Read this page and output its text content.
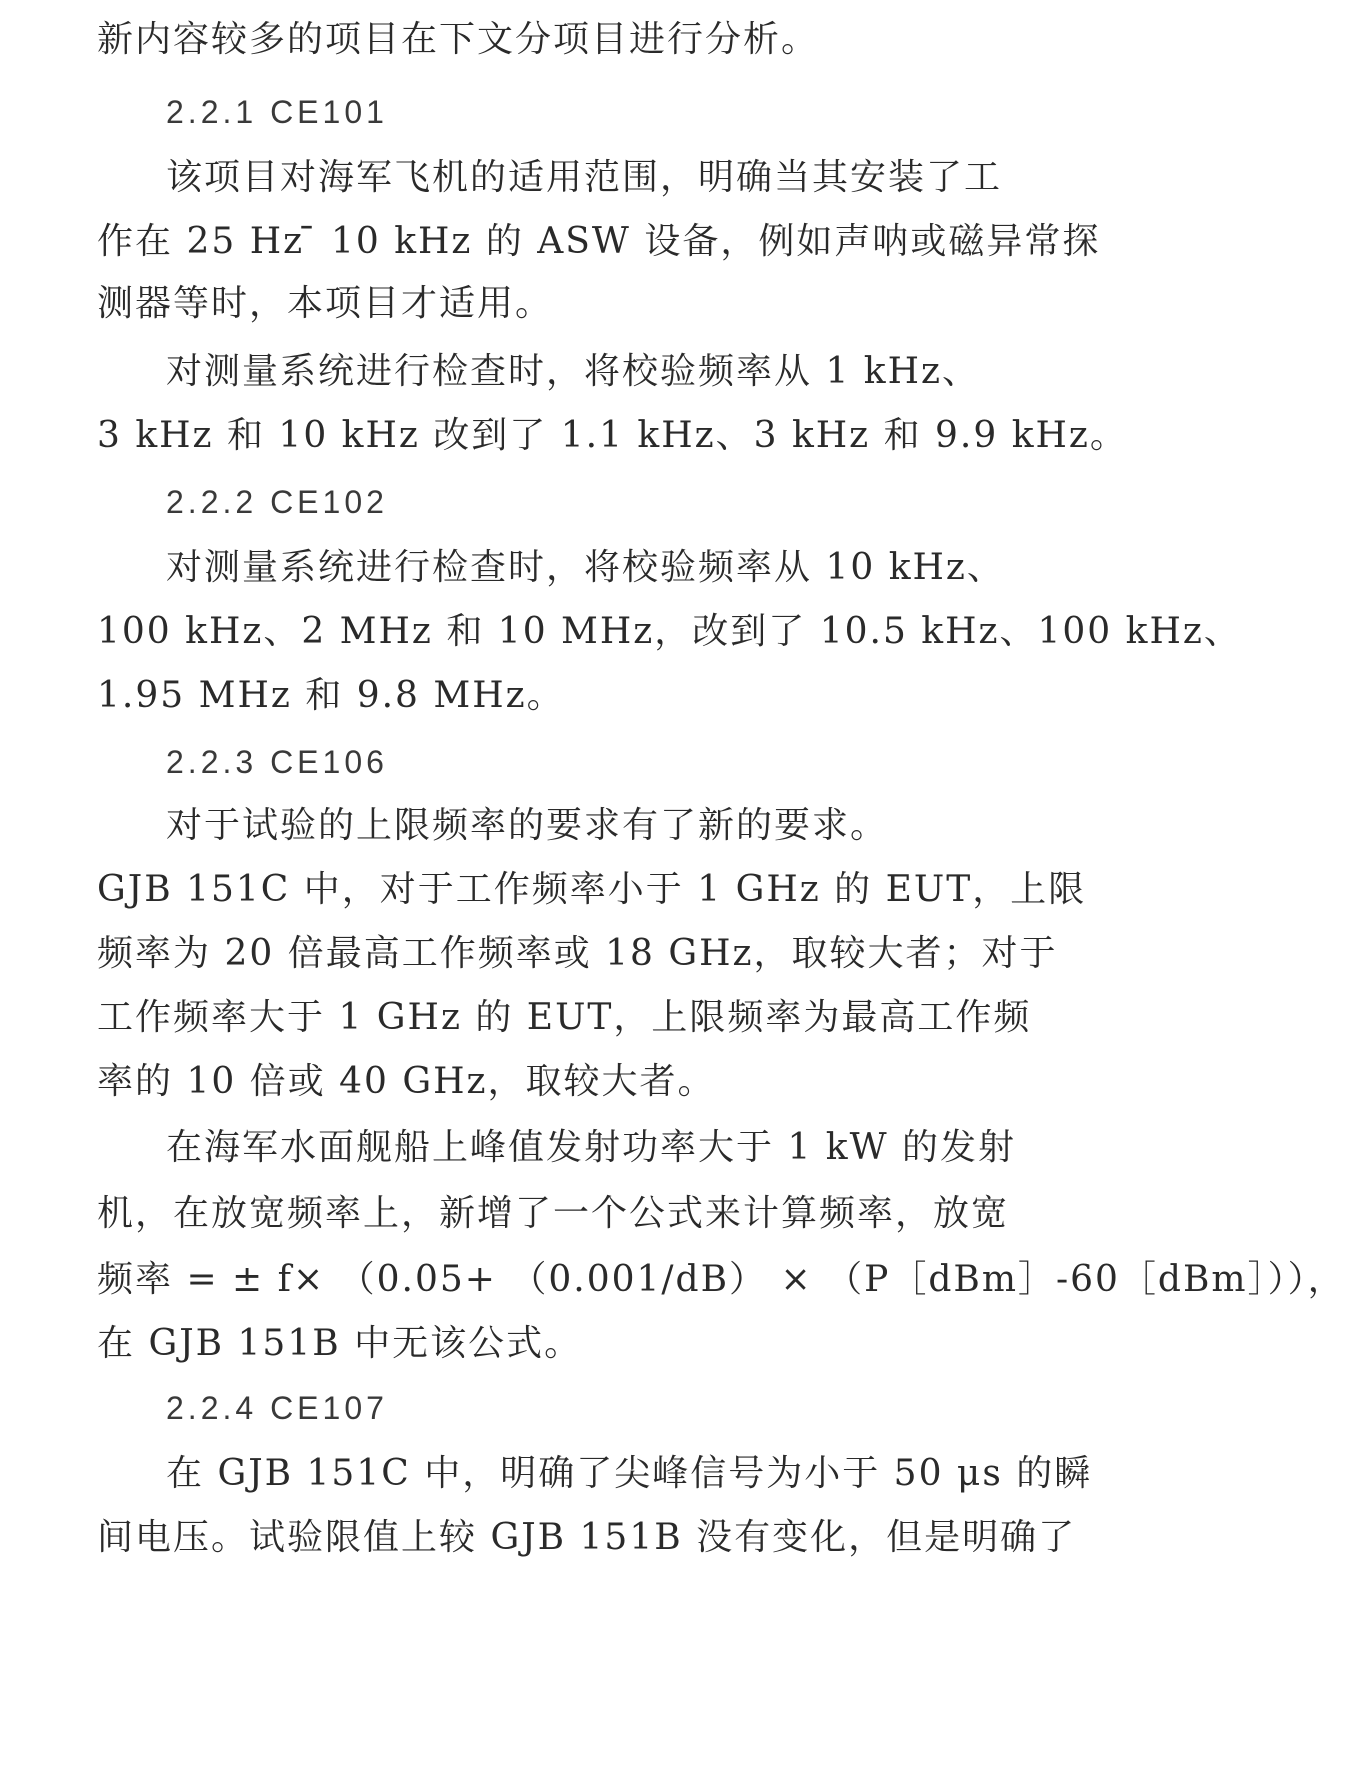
新内容较多的项目在下文分项目进行分析。
2.2.1 CE101
该项目对海军飞机的适用范围，明确当其安装了工
作在 25 Hz ̄ 10 kHz 的 ASW 设备，例如声呐或磁异常探
测器等时，本项目才适用。
对测量系统进行检查时，将校验频率从 1 kHz、
3 kHz 和 10 kHz 改到了 1.1 kHz、3 kHz 和 9.9 kHz。
2.2.2 CE102
对测量系统进行检查时，将校验频率从 10 kHz、
100 kHz、2 MHz 和 10 MHz，改到了 10.5 kHz、100 kHz、
1.95 MHz 和 9.8 MHz。
2.2.3 CE106
对于试验的上限频率的要求有了新的要求。
GJB 151C 中，对于工作频率小于 1 GHz 的 EUT，上限
频率为 20 倍最高工作频率或 18 GHz，取较大者；对于
工作频率大于 1 GHz 的 EUT，上限频率为最高工作频
率的 10 倍或 40 GHz，取较大者。
在海军水面舰船上峰值发射功率大于 1 kW 的发射
机，在放宽频率上，新增了一个公式来计算频率，放宽
频率 = ± f× （0.05+ （0.001/dB） × （P［dBm］-60［dBm］）），
在 GJB 151B 中无该公式。
2.2.4 CE107
在 GJB 151C 中，明确了尖峰信号为小于 50 μs 的瞬
间电压。试验限值上较 GJB 151B 没有变化，但是明确了
